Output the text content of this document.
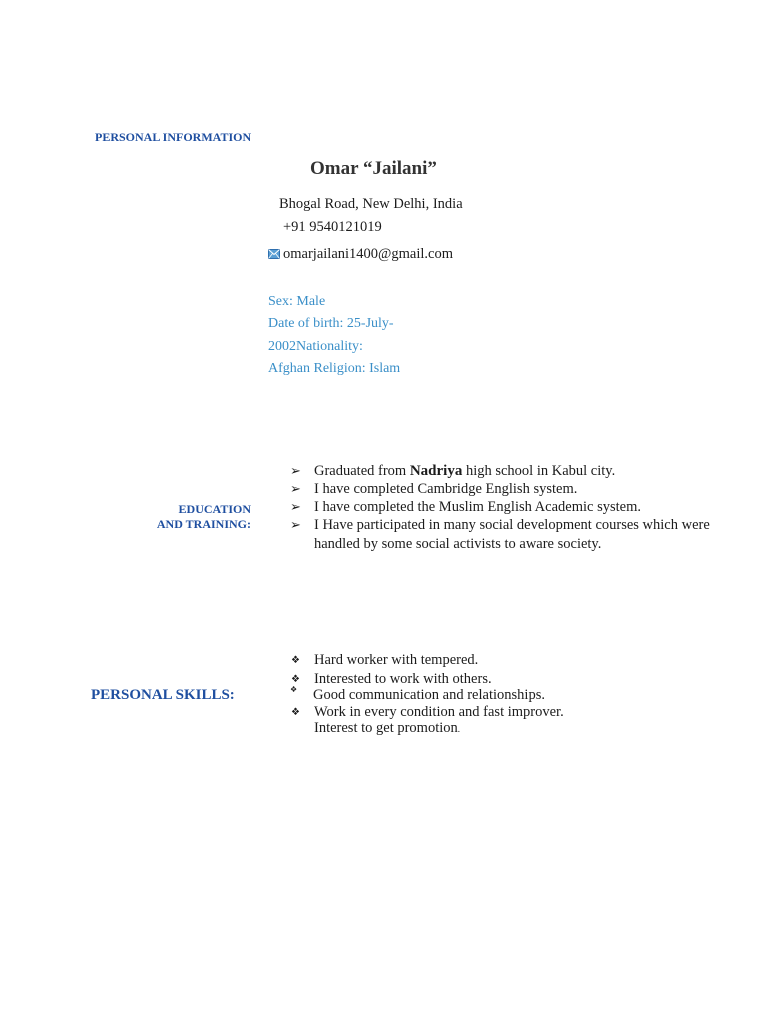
PERSONAL INFORMATION
Omar “Jailani”
Bhogal Road, New Delhi, India
+91 9540121019
omarjailani1400@gmail.com
Sex: Male
Date of birth: 25-July-
2002Nationality:
Afghan Religion: Islam
EDUCATION
AND TRAINING:
➢ Graduated from Nadriya high school in Kabul city.
➢ I have completed Cambridge English system.
➢ I have completed the Muslim English Academic system.
➢ I Have participated in many social development courses which were
handled by some social activists to aware society.
PERSONAL SKILLS:
❖ Hard worker with tempered.
❖ Interested to work with others.
❖	Good communication and relationships.
❖ Work in every condition and fast improver.
Interest to get promotion.
